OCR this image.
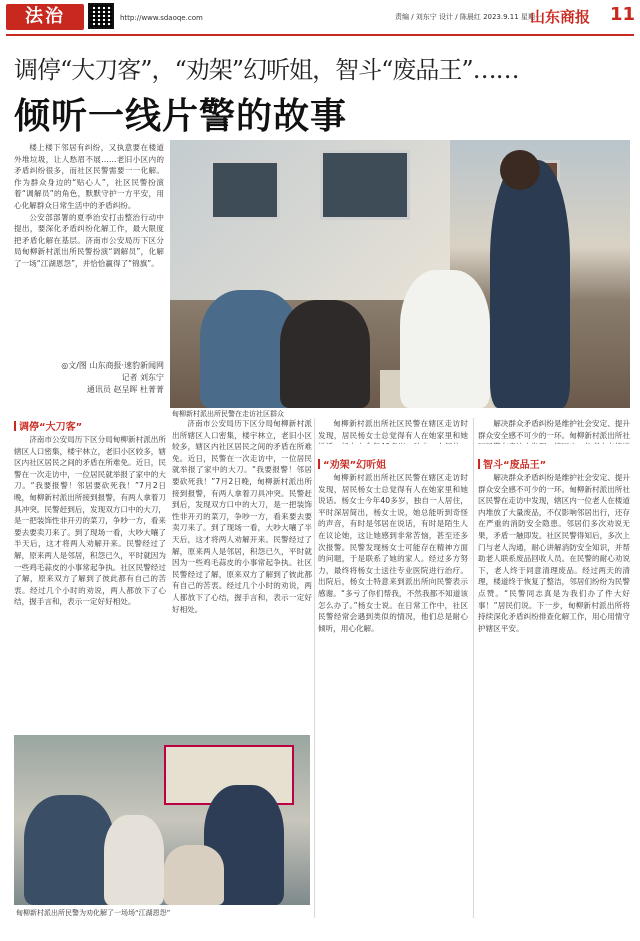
法治	http://www.sdaoqe.com	责编 / 刘东宁 设计 / 陈晨红 2023.9.11 星期一
山东商报 11
调停“大刀客”，“劝架”幻听姐，智斗“废品王”……
倾听一线片警的故事

楼上楼下邻居有纠纷，又执意要在楼道外堆垃圾，让人愁眉不展……老旧小区内的矛盾纠纷很多，而社区民警需要一一化解。作为群众身边的“贴心人”，社区民警扮演着“调解员”的角色，默默守护一方平安，用心化解群众日常生活中的矛盾纠纷。

公安部部署的夏季治安打击整治行动中提出，要深化矛盾纠纷化解工作，最大限度把矛盾化解在基层。济南市公安局历下区分局甸柳新村派出所民警扮演“调解员”，化解了一场“江湖恩怨”，并恰恰赢得了“锦旗”。

◎文/图 山东商报·速豹新闻网
记者 刘东宁
通讯员 赵呈晖 杜菁菁
甸柳新村派出所民警在走访社区群众
调停“大刀客”

济南市公安局历下区分局甸柳新村派出所辖区人口密集，楼宇林立，老旧小区较多，辖区内社区居民之间的矛盾在所难免。近日，民警在一次走访中，一位居民就举报了家中的大刀。“我要报警！邻居要砍死我！”7月2日晚，甸柳新村派出所接到报警，有两人拿着刀具冲突。民警赶到后，发现双方口中的大刀，是一把装饰性非开刃的菜刀，争吵一方，看来要去要卖刀来了。到了现场一看，大吵大嚷了半天后，这才将两人劝解开来。民警经过了解，原来两人是邻居，积怨已久，平时就因为一些鸡毛蒜皮的小事常起争执。社区民警经过了解，原来双方了解到了彼此都有自己的苦衷。经过几个小时的劝说，两人都放下了心结，握手言和，表示一定好好相处。

济南市公安局历下区分局甸柳新村派出所辖区人口密集，楼宇林立，老旧小区较多，辖区内社区居民之间的矛盾在所难免。近日，民警在一次走访中，一位居民就举报了家中的大刀。“我要报警！邻居要砍死我！”7月2日晚，甸柳新村派出所接到报警，有两人拿着刀具冲突。民警赶到后，发现双方口中的大刀，是一把装饰性非开刃的菜刀，争吵一方，看来要去要卖刀来了。到了现场一看，大吵大嚷了半天后，这才将两人劝解开来。民警经过了解，原来两人是邻居，积怨已久，平时就因为一些鸡毛蒜皮的小事常起争执。社区民警经过了解，原来双方了解到了彼此都有自己的苦衷。经过几个小时的劝说，两人都放下了心结，握手言和，表示一定好好相处。

甸柳新村派出所社区民警在辖区走访时发现，居民杨女士总觉得有人在她家里和她

“劝架”幻听姐

甸柳新村派出所社区民警在辖区走访时发现，居民杨女士总觉得有人在她家里和她说话。杨女士今年40多岁，独自一人居住，平时深居简出，杨女士说，她总能听到奇怪的声音，有时是邻居在说话，有时是陌生人在议论她，这让她感到非常苦恼，甚至还多次报警。民警发现杨女士可能存在精神方面的问题，于是联系了她的家人。经过多方努力，最终将杨女士送往专业医院进行治疗。出院后，杨女士特意来到派出所向民警表示感谢。“多亏了你们帮我，不然我都不知道该怎么办了。”杨女士说。在日常工作中，社区民警经常会遇到类似的情况，他们总是耐心倾听，用心化解。

解决群众矛盾纠纷是维护社会安定、提升群众安全感不可少的一环。甸柳新村派出所社

智斗“废品王”

解决群众矛盾纠纷是维护社会安定、提升群众安全感不可少的一环。甸柳新村派出所社区民警在走访中发现，辖区内一位老人在楼道内堆放了大量废品，不仅影响邻居出行，还存在严重的消防安全隐患。邻居们多次劝说无果，矛盾一触即发。社区民警得知后，多次上门与老人沟通，耐心讲解消防安全知识，并帮助老人联系废品回收人员。在民警的耐心劝说下，老人终于同意清理废品。经过两天的清理，楼道终于恢复了整洁，邻居们纷纷为民警点赞。“民警同志真是为我们办了件大好事！”居民们说。下一步，甸柳新村派出所将持续深化矛盾纠纷排查化解工作，用心用情守护辖区平安。

甸柳新村派出所民警为劝化解了一场场“江湖恩怨”
